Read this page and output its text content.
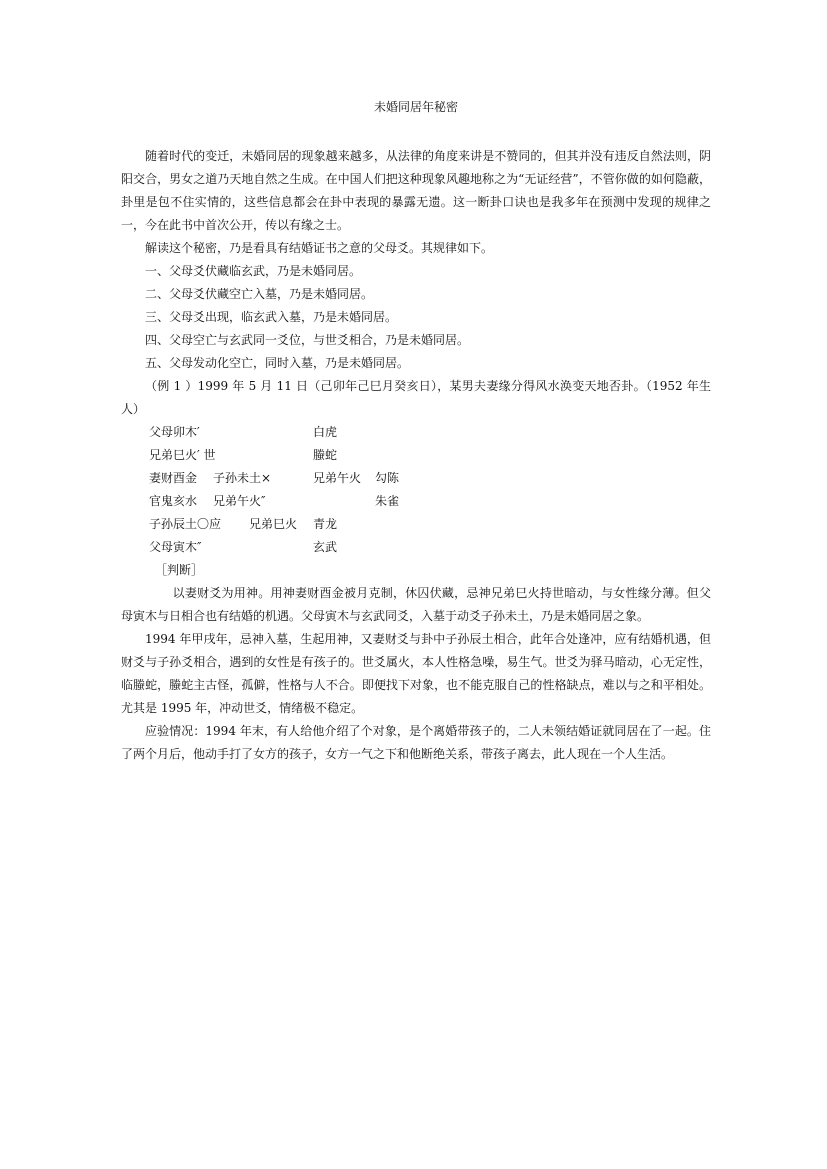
未婚同居年秘密

随着时代的变迁，未婚同居的现象越来越多，从法律的角度来讲是不赞同的，但其并没有违反自然法则，阴阳交合，男女之道乃天地自然之生成。在中国人们把这种现象风趣地称之为“无证经营”，不管你做的如何隐蔽，卦里是包不住实情的，这些信息都会在卦中表现的暴露无遗。这一断卦口诀也是我多年在预测中发现的规律之一，今在此书中首次公开，传以有缘之士。

解读这个秘密，乃是看具有结婚证书之意的父母爻。其规律如下。

一、父母爻伏藏临玄武，乃是未婚同居。

二、父母爻伏藏空亡入墓，乃是未婚同居。

三、父母爻出现，临玄武入墓，乃是未婚同居。

四、父母空亡与玄武同一爻位，与世爻相合，乃是未婚同居。

五、父母发动化空亡，同时入墓，乃是未婚同居。

（例 1 ）1999 年 5 月 11 日（己卯年己巳月癸亥日），某男夫妻缘分得风水涣变天地否卦。（1952 年生人）

父母卯木′	白虎
兄弟巳火′ 世	螣蛇
妻财酉金 子孙未土×	兄弟午火 勾陈
官鬼亥水 兄弟午火″	朱雀
子孙辰土〇应 兄弟巳火 青龙
父母寅木″	玄武

［判断］

以妻财爻为用神。用神妻财酉金被月克制，休囚伏藏，忌神兄弟巳火持世暗动，与女性缘分薄。但父母寅木与日相合也有结婚的机遇。父母寅木与玄武同爻，入墓于动爻子孙未土，乃是未婚同居之象。

1994 年甲戌年，忌神入墓，生起用神，又妻财爻与卦中子孙辰土相合，此年合处逢冲，应有结婚机遇，但财爻与子孙爻相合，遇到的女性是有孩子的。世爻属火，本人性格急噪，易生气。世爻为驿马暗动，心无定性，临螣蛇，螣蛇主古怪，孤僻，性格与人不合。即便找下对象，也不能克服自己的性格缺点，难以与之和平相处。尤其是 1995 年，冲动世爻，情绪极不稳定。

应验情况：1994 年末，有人给他介绍了个对象，是个离婚带孩子的，二人未领结婚证就同居在了一起。住了两个月后，他动手打了女方的孩子，女方一气之下和他断绝关系，带孩子离去，此人现在一个人生活。
